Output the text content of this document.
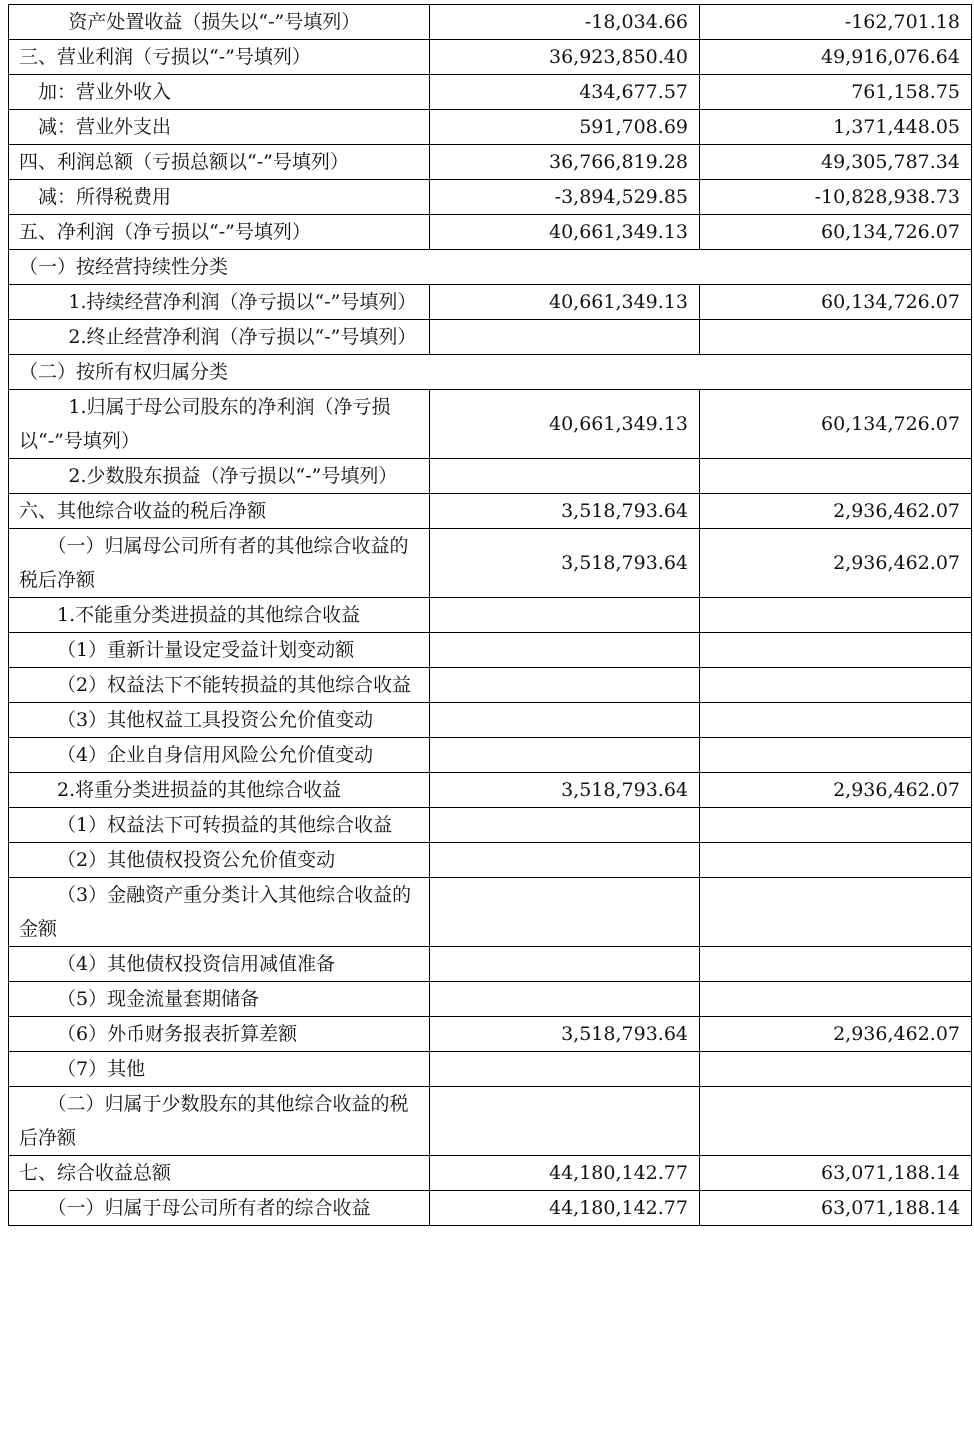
资产处置收益（损失以“-”号填列）	-18,034.66	-162,701.18
三、营业利润（亏损以“-”号填列）	36,923,850.40	49,916,076.64
加：营业外收入	434,677.57	761,158.75
减：营业外支出	591,708.69	1,371,448.05
四、利润总额（亏损总额以“-”号填列）	36,766,819.28	49,305,787.34
减：所得税费用	-3,894,529.85	-10,828,938.73
五、净利润（净亏损以“-”号填列）	40,661,349.13	60,134,726.07
（一）按经营持续性分类		
1.持续经营净利润（净亏损以“-”号填列）	40,661,349.13	60,134,726.07
2.终止经营净利润（净亏损以“-”号填列）		
（二）按所有权归属分类		
1.归属于母公司股东的净利润（净亏损以“-”号填列）	40,661,349.13	60,134,726.07
2.少数股东损益（净亏损以“-”号填列）		
六、其他综合收益的税后净额	3,518,793.64	2,936,462.07
（一）归属母公司所有者的其他综合收益的税后净额	3,518,793.64	2,936,462.07
1.不能重分类进损益的其他综合收益		
（1）重新计量设定受益计划变动额		
（2）权益法下不能转损益的其他综合收益		
（3）其他权益工具投资公允价值变动		
（4）企业自身信用风险公允价值变动		
2.将重分类进损益的其他综合收益	3,518,793.64	2,936,462.07
（1）权益法下可转损益的其他综合收益		
（2）其他债权投资公允价值变动		
（3）金融资产重分类计入其他综合收益的金额		
（4）其他债权投资信用减值准备		
（5）现金流量套期储备		
（6）外币财务报表折算差额	3,518,793.64	2,936,462.07
（7）其他		
（二）归属于少数股东的其他综合收益的税后净额		
七、综合收益总额	44,180,142.77	63,071,188.14
（一）归属于母公司所有者的综合收益	44,180,142.77	63,071,188.14
